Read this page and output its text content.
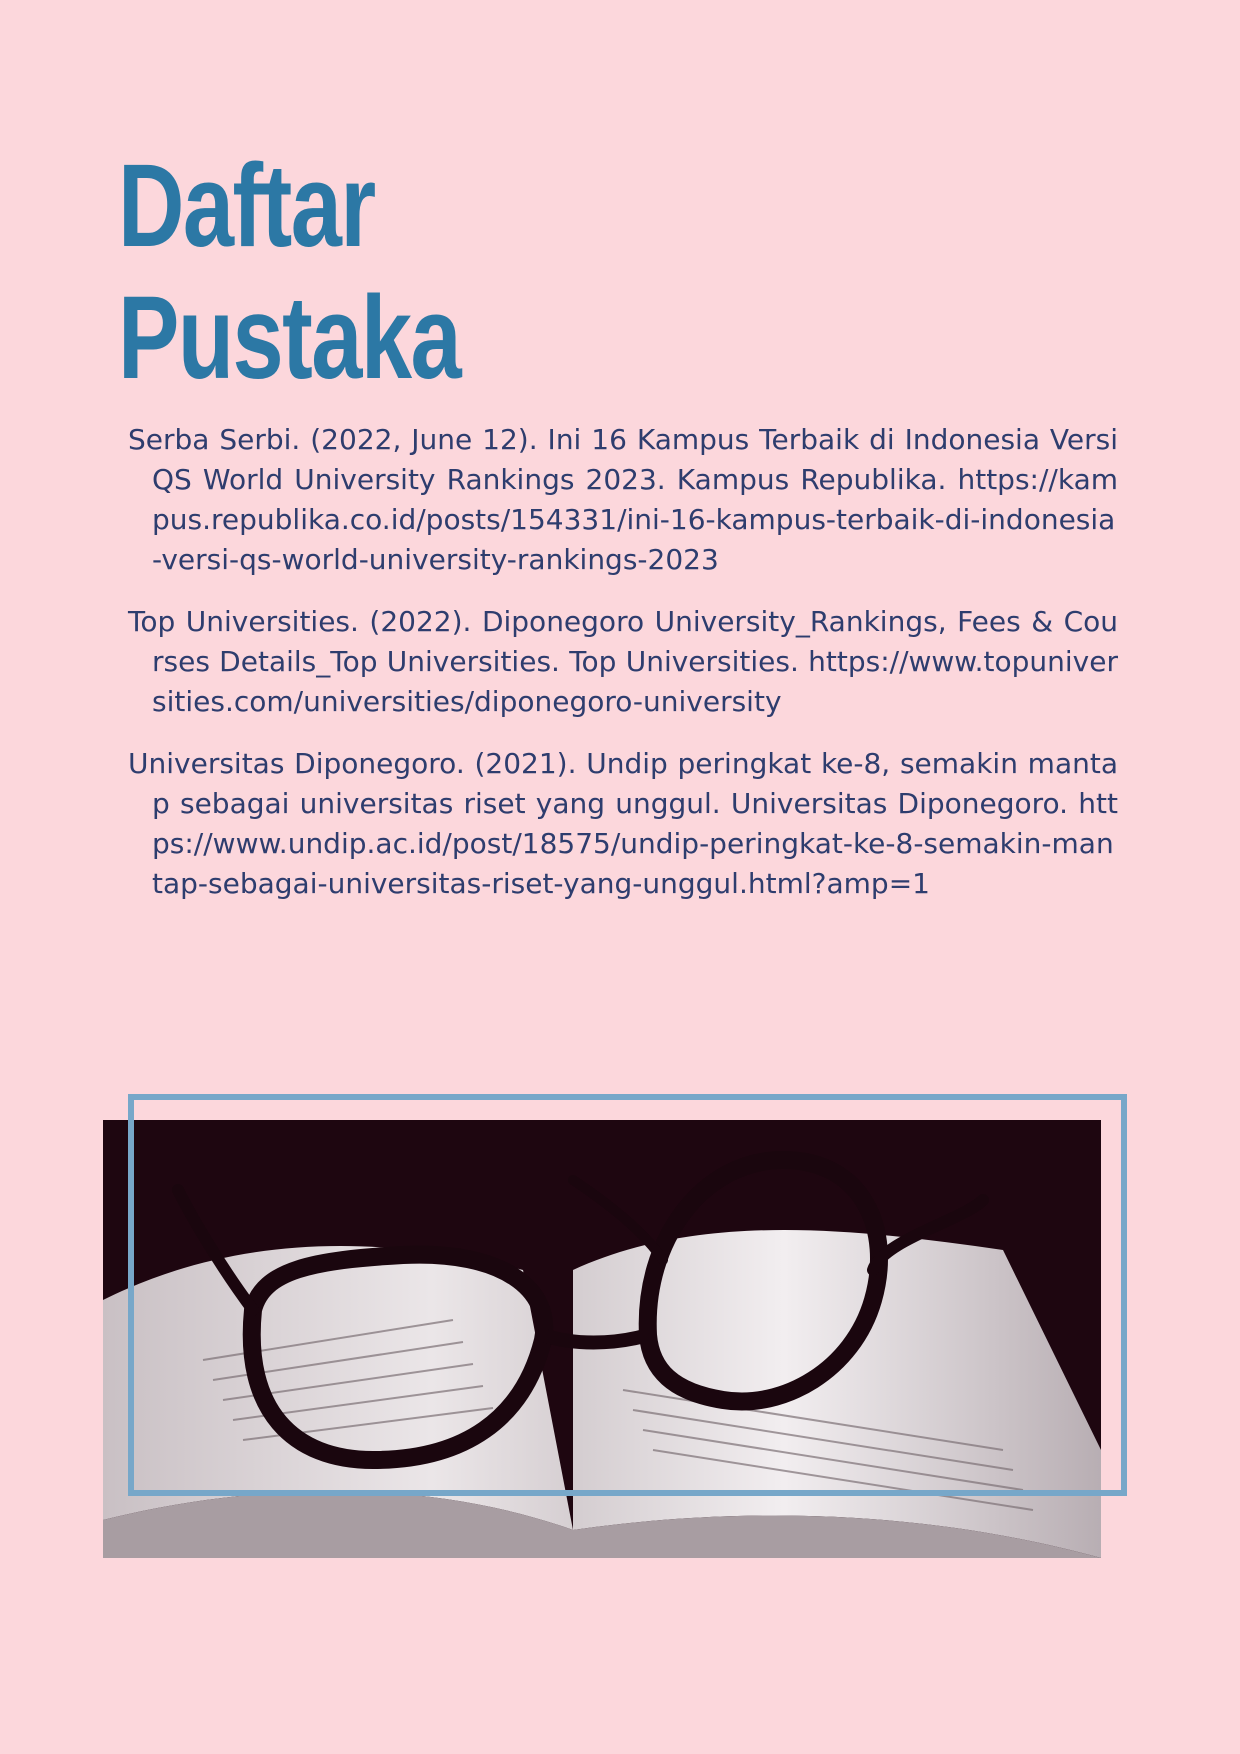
Daftar
Pustaka

Serba Serbi. (2022, June 12). Ini 16 Kampus Terbaik di Indonesia Versi QS World University Rankings 2023. Kampus Republika. https://kampus.republika.co.id/posts/154331/ini-16-kampus-terbaik-di-indonesia-versi-qs-world-university-rankings-2023

Top Universities. (2022). Diponegoro University_Rankings, Fees & Courses Details_Top Universities. Top Universities. https://www.topuniversities.com/universities/diponegoro-university

Universitas Diponegoro. (2021). Undip peringkat ke-8, semakin mantap sebagai universitas riset yang unggul. Universitas Diponegoro. https://www.undip.ac.id/post/18575/undip-peringkat-ke-8-semakin-mantap-sebagai-universitas-riset-yang-unggul.html?amp=1
